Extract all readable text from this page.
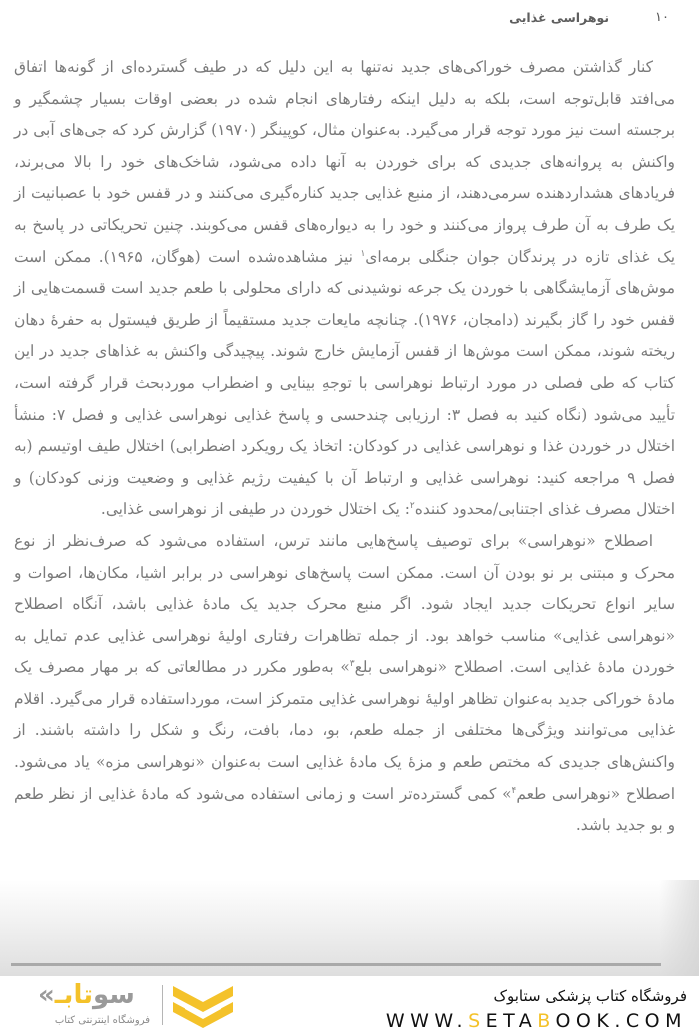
۱۰
نوهراسی غذایی

کنار گذاشتن مصرف خوراکی‌های جدید نه‌تنها به این دلیل که در طیف گسترده‌ای از گونه‌ها اتفاق می‌افتد قابل‌توجه است، بلکه به دلیل اینکه رفتارهای انجام شده در بعضی اوقات بسیار چشمگیر و برجسته است نیز مورد توجه قرار می‌گیرد. به‌عنوان مثال، کوپینگر (۱۹۷۰) گزارش کرد که جی‌های آبی در واکنش به پروانه‌های جدیدی که برای خوردن به آنها داده می‌شود، شاخک‌های خود را بالا می‌برند، فریادهای هشداردهنده سرمی‌دهند، از منبع غذایی جدید کناره‌گیری می‌کنند و در قفس خود با عصبانیت از یک طرف به آن طرف پرواز می‌کنند و خود را به دیواره‌های قفس می‌کوبند. چنین تحریکاتی در پاسخ به یک غذای تازه در پرندگان جوان جنگلی برمه‌ای$^۱$ نیز مشاهده‌شده است (هوگان، ۱۹۶۵). ممکن است موش‌های آزمایشگاهی با خوردن یک جرعه نوشیدنی که دارای محلولی با طعم جدید است قسمت‌هایی از قفس خود را گاز بگیرند (دامجان، ۱۹۷۶). چنانچه مایعات جدید مستقیماً از طریق فیستول به حفرهٔ دهان ریخته شوند، ممکن است موش‌ها از قفس آزمایش خارج شوند. پیچیدگی واکنش به غذاهای جدید در این کتاب که طی فصلی در مورد ارتباط نوهراسی با توجهِ بینایی و اضطراب موردبحث قرار گرفته است، تأیید می‌شود (نگاه کنید به فصل ۳: ارزیابی چندحسی و پاسخ غذایی نوهراسی غذایی و فصل ۷: منشأ اختلال در خوردن غذا و نوهراسی غذایی در کودکان: اتخاذ یک رویکرد اضطرابی) اختلال طیف اوتیسم (به فصل ۹ مراجعه کنید: نوهراسی غذایی و ارتباط آن با کیفیت رژیم غذایی و وضعیت وزنی کودکان) و اختلال مصرف غذای اجتنابی/محدود کننده$^۲$: یک اختلال خوردن در طیفی از نوهراسی غذایی.

اصطلاح «نوهراسی» برای توصیف پاسخ‌هایی مانند ترس، استفاده می‌شود که صرف‌نظر از نوع محرک و مبتنی بر نو بودن آن است. ممکن است پاسخ‌های نوهراسی در برابر اشیا، مکان‌ها، اصوات و سایر انواع تحریکات جدید ایجاد شود. اگر منبع محرک جدید یک مادهٔ غذایی باشد، آنگاه اصطلاح «نوهراسی غذایی» مناسب خواهد بود. از جمله تظاهرات رفتاری اولیهٔ نوهراسی غذایی عدم تمایل به خوردن مادهٔ غذایی است. اصطلاح «نوهراسی بلع$^۳$» به‌طور مکرر در مطالعاتی که بر مهار مصرف یک مادهٔ خوراکی جدید به‌عنوان تظاهر اولیهٔ نوهراسی غذایی متمرکز است، مورداستفاده قرار می‌گیرد. اقلام غذایی می‌توانند ویژگی‌ها مختلفی از جمله طعم، بو، دما، بافت، رنگ و شکل را داشته باشند. از واکنش‌های جدیدی که مختص طعم و مزهٔ یک مادهٔ غذایی است به‌عنوان «نوهراسی مزه» یاد می‌شود. اصطلاح «نوهراسی طعم$^۴$» کمی گسترده‌تر است و زمانی استفاده می‌شود که مادهٔ غذایی از نظر طعم و بو جدید باشد.

« سوتابـ
فروشگاه اینترنتی کتاب
فروشگاه کتاب پزشکی ستابوک
WWW.SETABOOK.COM
